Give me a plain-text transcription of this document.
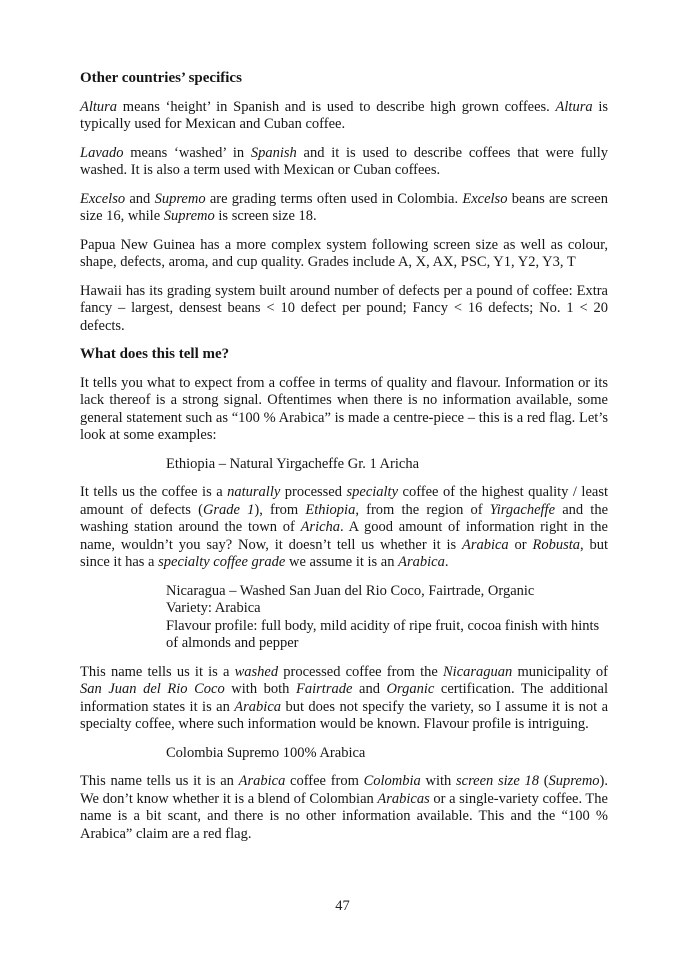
Other countries’ specifics

Altura means ‘height’ in Spanish and is used to describe high grown coffees. Altura is typically used for Mexican and Cuban coffee.

Lavado means ‘washed’ in Spanish and it is used to describe coffees that were fully washed. It is also a term used with Mexican or Cuban coffees.

Excelso and Supremo are grading terms often used in Colombia. Excelso beans are screen size 16, while Supremo is screen size 18.

Papua New Guinea has a more complex system following screen size as well as colour, shape, defects, aroma, and cup quality. Grades include A, X, AX, PSC, Y1, Y2, Y3, T

Hawaii has its grading system built around number of defects per a pound of coffee: Extra fancy – largest, densest beans < 10 defect per pound; Fancy < 16 defects; No. 1 < 20 defects.

What does this tell me?

It tells you what to expect from a coffee in terms of quality and flavour. Information or its lack thereof is a strong signal. Oftentimes when there is no information available, some general statement such as “100 % Arabica” is made a centre-piece – this is a red flag. Let’s look at some examples:

Ethiopia – Natural Yirgacheffe Gr. 1 Aricha

It tells us the coffee is a naturally processed specialty coffee of the highest quality / least amount of defects (Grade 1), from Ethiopia, from the region of Yirgacheffe and the washing station around the town of Aricha. A good amount of information right in the name, wouldn’t you say? Now, it doesn’t tell us whether it is Arabica or Robusta, but since it has a specialty coffee grade we assume it is an Arabica.

Nicaragua – Washed San Juan del Rio Coco, Fairtrade, Organic
Variety: Arabica
Flavour profile: full body, mild acidity of ripe fruit, cocoa finish with hints of almonds and pepper

This name tells us it is a washed processed coffee from the Nicaraguan municipality of San Juan del Rio Coco with both Fairtrade and Organic certification. The additional information states it is an Arabica but does not specify the variety, so I assume it is not a specialty coffee, where such information would be known. Flavour profile is intriguing.

Colombia Supremo 100% Arabica

This name tells us it is an Arabica coffee from Colombia with screen size 18 (Supremo). We don’t know whether it is a blend of Colombian Arabicas or a single-variety coffee. The name is a bit scant, and there is no other information available. This and the “100 % Arabica” claim are a red flag.

47
